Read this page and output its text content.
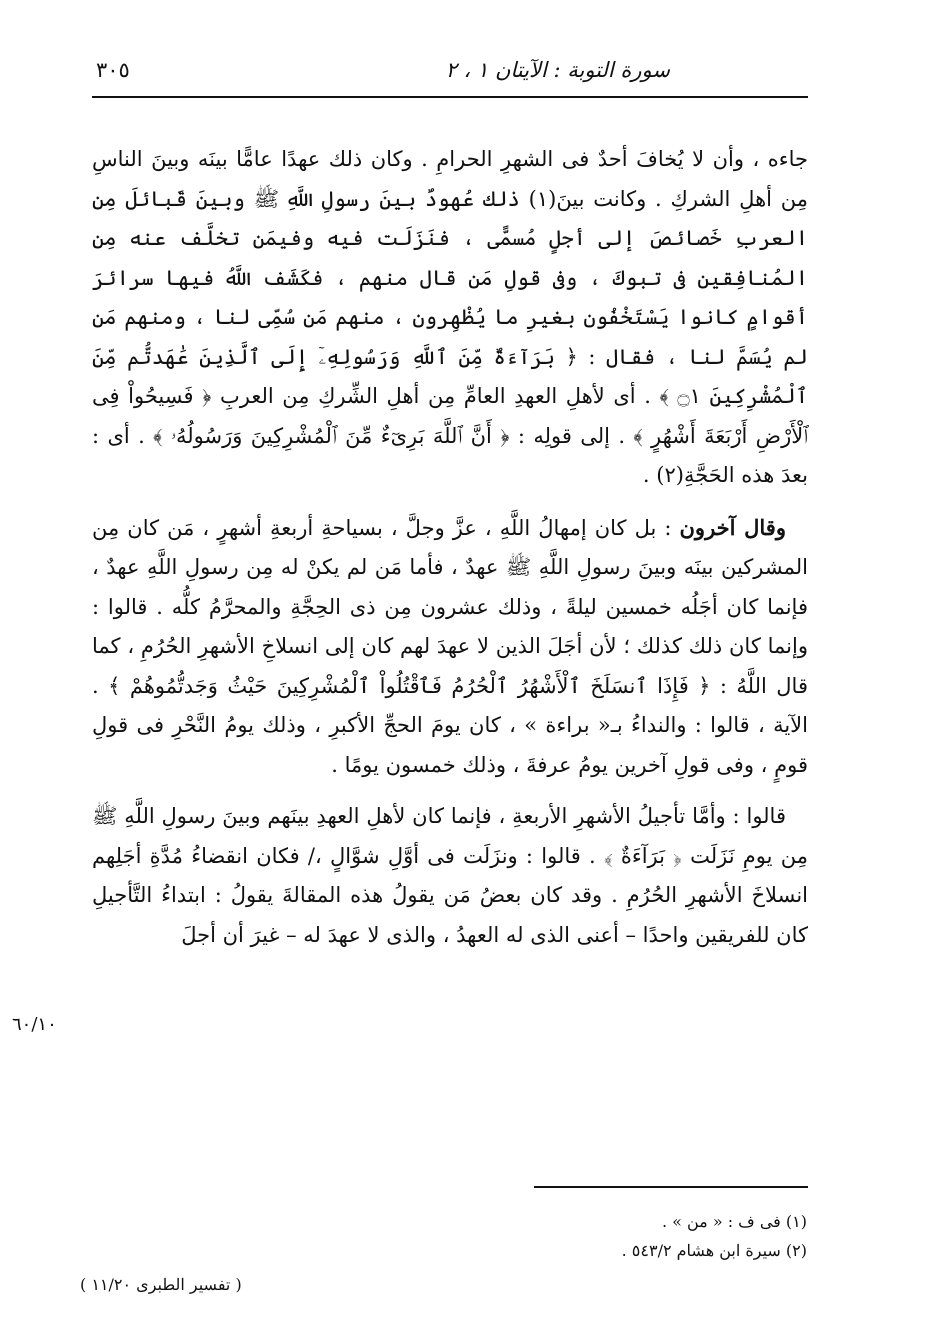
سورة التوبة : الآيتان ١ ، ٢
٣٠٥

جاءه ، وأن لا يُخافَ أحدٌ فى الشهرِ الحرامِ . وكان ذلك عهدًا عامًّا بينَه وبينَ الناسِ مِن أهلِ الشركِ . وكانت بينَ(١) ذلك عُهودٌ بينَ رسولِ اللَّهِ ﷺ وبينَ قَبائلَ مِن العربِ خَصائصَ إلى أجلٍ مُسمًّى ، فنَزَلَت فيه وفيمَن تخلَّف عنه مِن المُنافِقين فى تبوكَ ، وفى قولِ مَن قال منهم ، فكَشَف اللَّهُ فيها سرائرَ أقوامٍ كانوا يَسْتَخْفُون بغيرِ ما يُظْهِرون ، منهم مَن سُمِّى لنا ، ومنهم مَن لم يُسَمَّ لنا ، فقال : ﴿ بَرَآءَةٌ مِّنَ ٱللَّهِ وَرَسُولِهِۦٓ إِلَى ٱلَّذِينَ عَٰهَدتُّم مِّنَ ٱلْمُشْرِكِينَ ۝١ ﴾ . أى لأهلِ العهدِ العامِّ مِن أهلِ الشِّركِ مِن العربِ ﴿ فَسِيحُواْ فِى ٱلْأَرْضِ أَرْبَعَةَ أَشْهُرٍ ﴾ . إلى قولِه : ﴿ أَنَّ ٱللَّهَ بَرِىٓءٌ مِّنَ ٱلْمُشْرِكِينَ وَرَسُولُهُۥ ﴾ . أى : بعدَ هذه الحَجَّةِ(٢) .

وقال آخرون : بل كان إمهالُ اللَّهِ ، عزَّ وجلَّ ، بسياحةِ أربعةِ أشهرٍ ، مَن كان مِن المشركين بينَه وبينَ رسولِ اللَّهِ ﷺ عهدٌ ، فأما مَن لم يكنْ له مِن رسولِ اللَّهِ عهدٌ ، فإنما كان أجَلُه خمسين ليلةً ، وذلك عشرون مِن ذى الحِجَّةِ والمحرَّمُ كلُّه . قالوا : وإنما كان ذلك كذلك ؛ لأن أجَلَ الذين لا عهدَ لهم كان إلى انسلاخِ الأشهرِ الحُرُمِ ، كما قال اللَّهُ : ﴿ فَإِذَا ٱنسَلَخَ ٱلْأَشْهُرُ ٱلْحُرُمُ فَٱقْتُلُواْ ٱلْمُشْرِكِينَ حَيْثُ وَجَدتُّمُوهُمْ ﴾ . الآية ، قالوا : والنداءُ بـ« براءة » ، كان يومَ الحجِّ الأكبرِ ، وذلك يومُ النَّحْرِ فى قولِ قومٍ ، وفى قولِ آخرين يومُ عرفةَ ، وذلك خمسون يومًا .

قالوا : وأمَّا تأجيلُ الأشهرِ الأربعةِ ، فإنما كان لأهلِ العهدِ بينَهم وبينَ رسولِ اللَّهِ ﷺ مِن يومِ نَزَلَت ﴿ بَرَآءَةٌ ﴾ . قالوا : ونزَلَت فى أوَّلِ شوَّالٍ ،/ فكان انقضاءُ مُدَّةِ أجَلِهم انسلاخَ الأشهرِ الحُرُمِ . وقد كان بعضُ مَن يقولُ هذه المقالةَ يقولُ : ابتداءُ التَّأجيلِ كان للفريقين واحدًا – أعنى الذى له العهدُ ، والذى لا عهدَ له – غيرَ أن أجلَ

٦٠/١٠

(١) فى ف : « من » .

(٢) سيرة ابن هشام ٥٤٣/٢ .

( تفسير الطبرى ١١/٢٠ )
